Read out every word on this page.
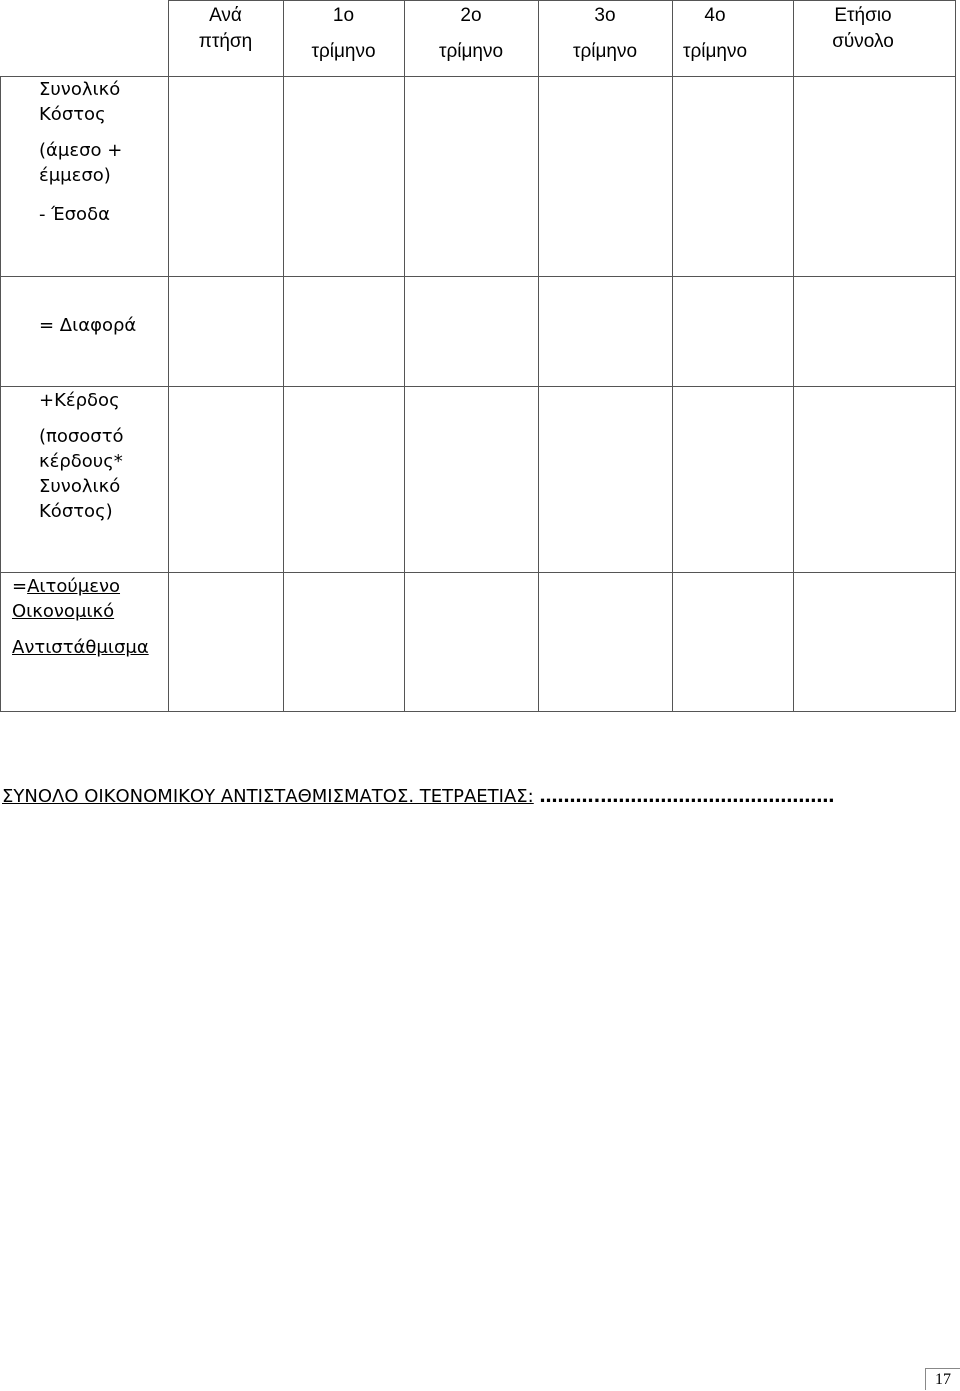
Ανά
πτήση
1ο
τρίμηνο
2ο
τρίμηνο
3ο
τρίμηνο
4ο
τρίμηνο
Ετήσιο
σύνολο
Συνολικό
Κόστος
(άμεσο +
έμμεσο)
- Έσοδα
= Διαφορά
+Κέρδος
(ποσοστό
κέρδους*
Συνολικό
Κόστος)
=Αιτούμενο
Οικονομικό
Αντιστάθμισμα
ΣΥΝΟΛΟ ΟΙΚΟΝΟΜΙΚΟΥ ΑΝΤΙΣΤΑΘΜΙΣΜΑΤΟΣ. ΤΕΤΡΑΕΤΙΑΣ: ……….…………………………………
17
